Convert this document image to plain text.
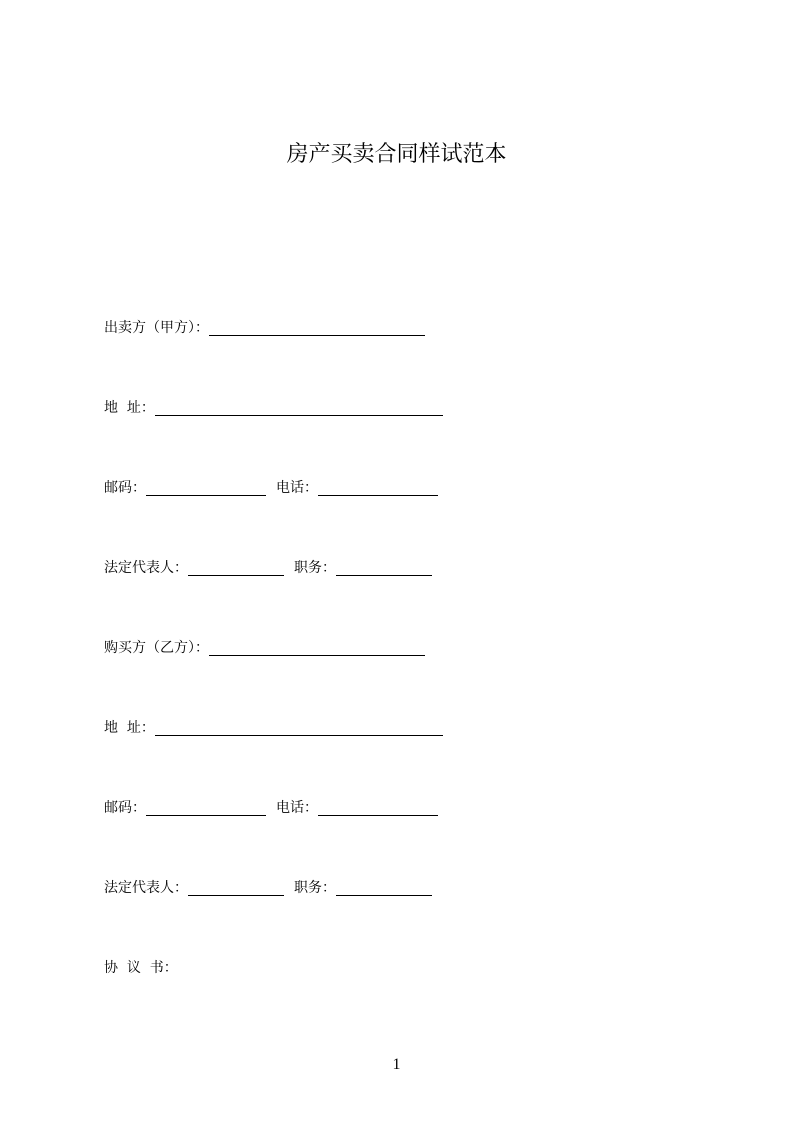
房产买卖合同样试范本
出卖方（甲方）：
地  址：
邮码：	电话：
法定代表人：	职务：
购买方（乙方）：
地  址：
邮码：	电话：
法定代表人：	职务：
协  议  书：
1
